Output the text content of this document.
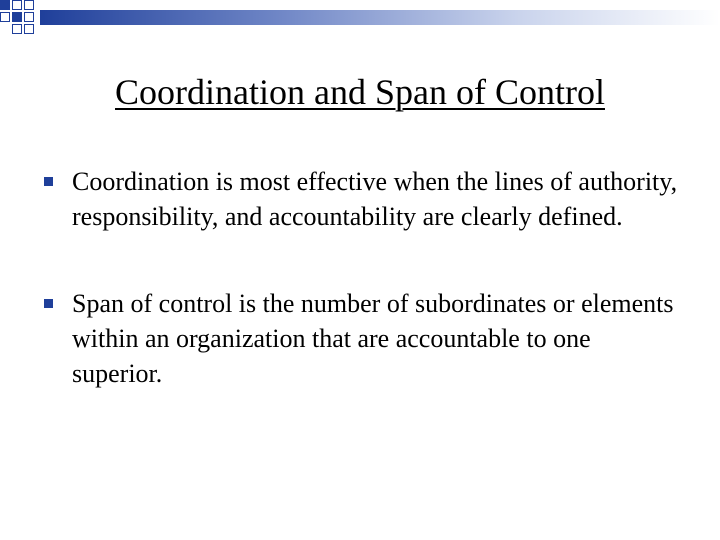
Coordination and Span of Control
Coordination is most effective when the lines of authority, responsibility, and accountability are clearly defined.
Span of control is the number of subordinates or elements within an organization that are accountable to one superior.
